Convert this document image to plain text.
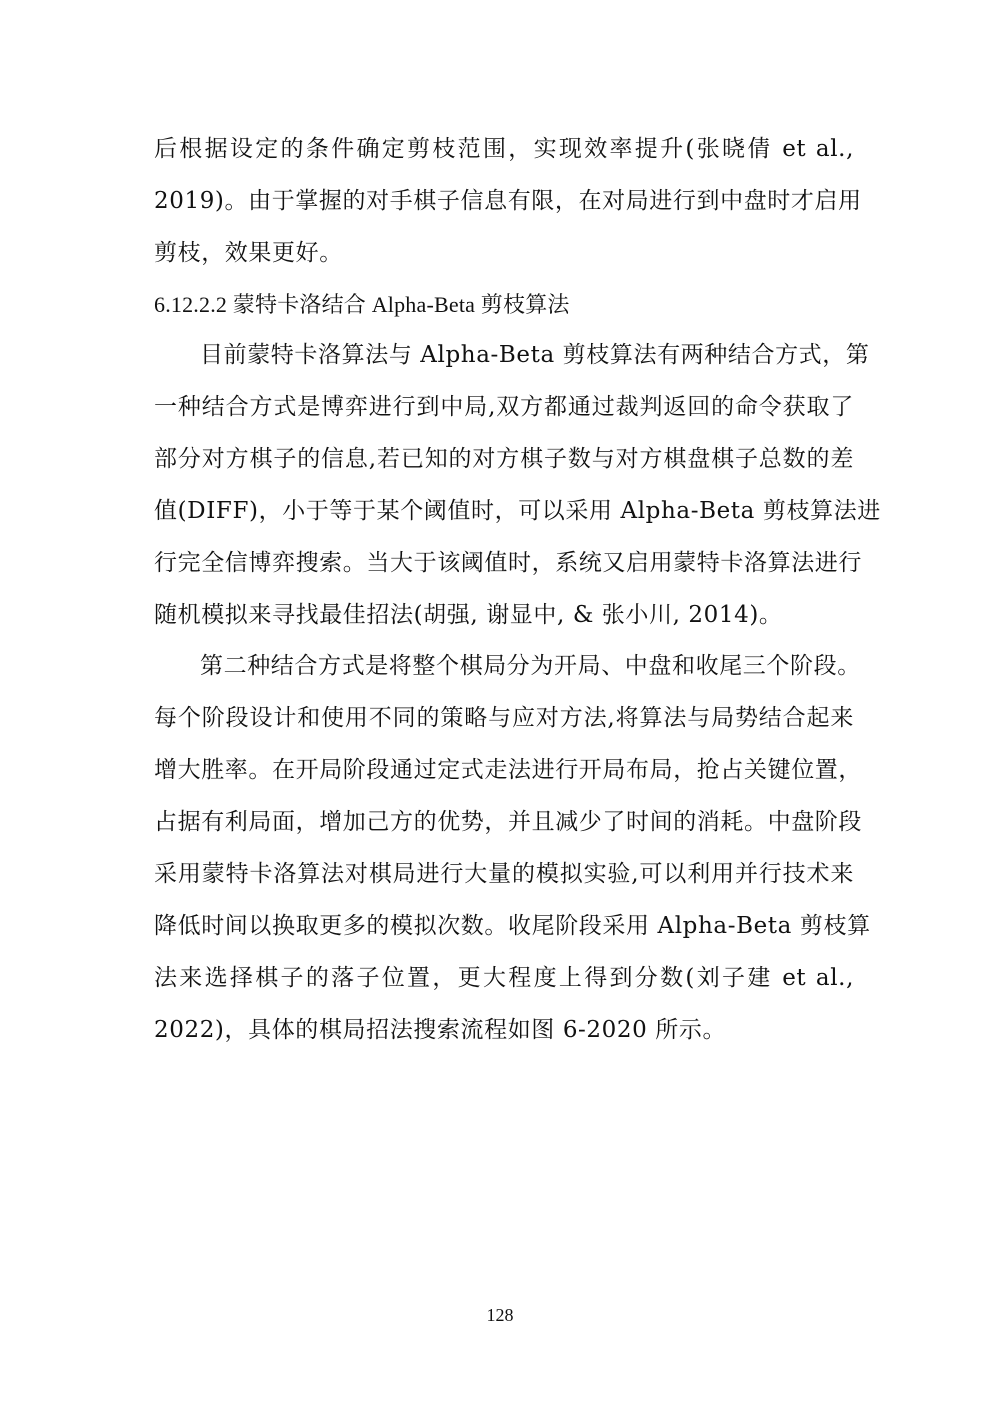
后根据设定的条件确定剪枝范围，实现效率提升(张晓倩 et al.,
2019)。由于掌握的对手棋子信息有限，在对局进行到中盘时才启用
剪枝，效果更好。
6.12.2.2 蒙特卡洛结合 Alpha-Beta 剪枝算法
目前蒙特卡洛算法与 Alpha-Beta 剪枝算法有两种结合方式，第
一种结合方式是博弈进行到中局,双方都通过裁判返回的命令获取了
部分对方棋子的信息,若已知的对方棋子数与对方棋盘棋子总数的差
值(DIFF)，小于等于某个阈值时，可以采用 Alpha-Beta 剪枝算法进
行完全信博弈搜索。当大于该阈值时，系统又启用蒙特卡洛算法进行
随机模拟来寻找最佳招法(胡强, 谢显中, & 张小川, 2014)。
第二种结合方式是将整个棋局分为开局、中盘和收尾三个阶段。
每个阶段设计和使用不同的策略与应对方法,将算法与局势结合起来
增大胜率。在开局阶段通过定式走法进行开局布局，抢占关键位置，
占据有利局面，增加己方的优势，并且减少了时间的消耗。中盘阶段
采用蒙特卡洛算法对棋局进行大量的模拟实验,可以利用并行技术来
降低时间以换取更多的模拟次数。收尾阶段采用 Alpha-Beta 剪枝算
法来选择棋子的落子位置，更大程度上得到分数(刘子建 et al.,
2022)，具体的棋局招法搜索流程如图 6-2020 所示。
128
